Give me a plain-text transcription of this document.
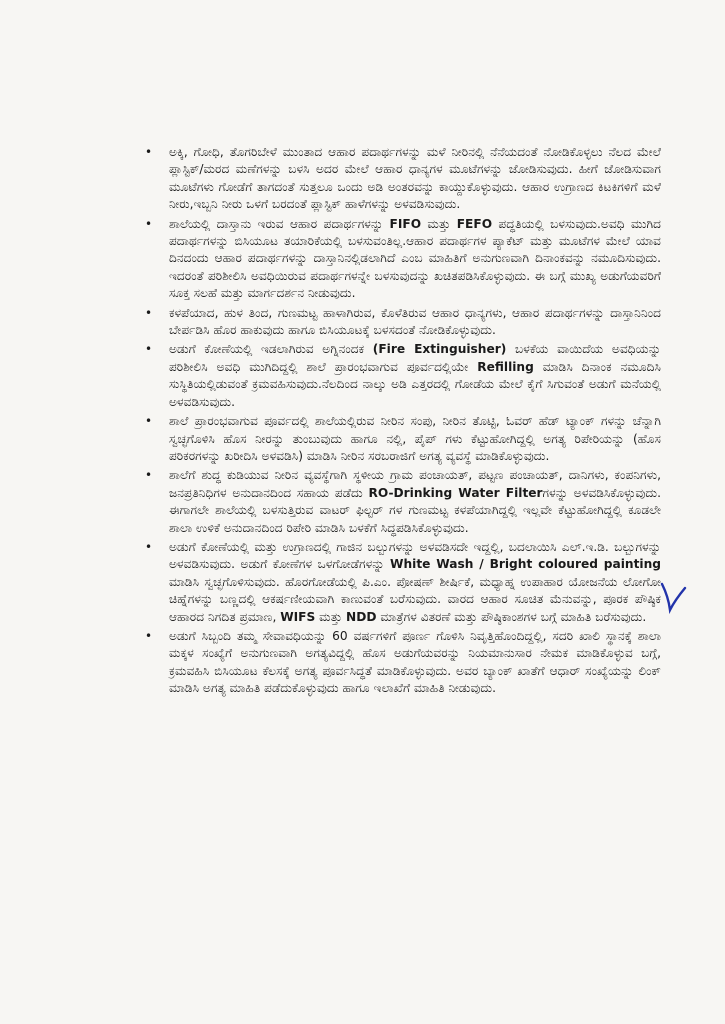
• ಅಕ್ಕಿ, ಗೋಧಿ, ತೊಗರಿಬೇಳೆ ಮುಂತಾದ ಆಹಾರ ಪದಾರ್ಥಗಳನ್ನು ಮಳೆ ನೀರಿನಲ್ಲಿ ನೆನೆಯದಂತೆ ನೋಡಿಕೊಳ್ಳಲು ನೆಲದ ಮೇಲೆ ಪ್ಲಾಸ್ಟಿಕ್/ಮರದ ಮಣೆಗಳನ್ನು ಬಳಸಿ ಅದರ ಮೇಲೆ ಆಹಾರ ಧಾನ್ಯಗಳ ಮೂಟೆಗಳನ್ನು ಜೋಡಿಸುವುದು. ಹೀಗೆ ಜೋಡಿಸುವಾಗ ಮೂಟೆಗಳು ಗೋಡೆಗೆ ತಾಗದಂತೆ ಸುತ್ತಲೂ ಒಂದು ಅಡಿ ಅಂತರವನ್ನು ಕಾಯ್ದುಕೊಳ್ಳುವುದು. ಆಹಾರ ಉಗ್ರಾಣದ ಕಿಟಕಿಗಳಿಗೆ ಮಳೆ ನೀರು,ಇಬ್ಬನಿ ನೀರು ಒಳಗೆ ಬರದಂತೆ ಪ್ಲಾಸ್ಟಿಕ್ ಹಾಳೆಗಳನ್ನು ಅಳವಡಿಸುವುದು.
• ಶಾಲೆಯಲ್ಲಿ ದಾಸ್ತಾನು ಇರುವ ಆಹಾರ ಪದಾರ್ಥಗಳನ್ನು FIFO ಮತ್ತು FEFO ಪದ್ಧತಿಯಲ್ಲಿ ಬಳಸುವುದು.ಅವಧಿ ಮುಗಿದ ಪದಾರ್ಥಗಳನ್ನು ಬಿಸಿಯೂಟ ತಯಾರಿಕೆಯಲ್ಲಿ ಬಳಸುವಂತಿಲ್ಲ.ಆಹಾರ ಪದಾರ್ಥಗಳ ಪ್ಯಾಕೆಟ್ ಮತ್ತು ಮೂಟೆಗಳ ಮೇಲೆ ಯಾವ ದಿನದಂದು ಆಹಾರ ಪದಾರ್ಥಗಳನ್ನು ದಾಸ್ತಾನಿನಲ್ಲಿಡಲಾಗಿದೆ ಎಂಬ ಮಾಹಿತಿಗೆ ಅನುಗುಣವಾಗಿ ದಿನಾಂಕವನ್ನು ನಮೂದಿಸುವುದು. ಇದರಂತೆ ಪರಿಶೀಲಿಸಿ ಅವಧಿಯಿರುವ ಪದಾರ್ಥಗಳನ್ನೇ ಬಳಸುವುದನ್ನು ಖಚಿತಪಡಿಸಿಕೊಳ್ಳುವುದು. ಈ ಬಗ್ಗೆ ಮುಖ್ಯ ಅಡುಗೆಯವರಿಗೆ ಸೂಕ್ತ ಸಲಹೆ ಮತ್ತು ಮಾರ್ಗದರ್ಶನ ನೀಡುವುದು.
• ಕಳಪೆಯಾದ, ಹುಳ ತಿಂದ, ಗುಣಮಟ್ಟ ಹಾಳಾಗಿರುವ, ಕೊಳೆತಿರುವ ಆಹಾರ ಧಾನ್ಯಗಳು, ಆಹಾರ ಪದಾರ್ಥಗಳನ್ನು ದಾಸ್ತಾನಿನಿಂದ ಬೇರ್ಪಡಿಸಿ ಹೊರ ಹಾಕುವುದು ಹಾಗೂ ಬಿಸಿಯೂಟಕ್ಕೆ ಬಳಸದಂತೆ ನೋಡಿಕೊಳ್ಳುವುದು.
• ಅಡುಗೆ ಕೋಣೆಯಲ್ಲಿ ಇಡಲಾಗಿರುವ ಅಗ್ನಿನಂದಕ (Fire Extinguisher) ಬಳಕೆಯ ವಾಯಿದೆಯ ಅವಧಿಯನ್ನು ಪರಿಶೀಲಿಸಿ ಅವಧಿ ಮುಗಿದಿದ್ದಲ್ಲಿ ಶಾಲೆ ಪ್ರಾರಂಭವಾಗುವ ಪೂರ್ವದಲ್ಲಿಯೇ Refilling ಮಾಡಿಸಿ ದಿನಾಂಕ ನಮೂದಿಸಿ ಸುಸ್ಥಿತಿಯಲ್ಲಿಡುವಂತೆ ಕ್ರಮವಹಿಸುವುದು.ನೆಲದಿಂದ ನಾಲ್ಕು ಅಡಿ ಎತ್ತರದಲ್ಲಿ ಗೋಡೆಯ ಮೇಲೆ ಕೈಗೆ ಸಿಗುವಂತೆ ಅಡುಗೆ ಮನೆಯಲ್ಲಿ ಅಳವಡಿಸುವುದು.
• ಶಾಲೆ ಪ್ರಾರಂಭವಾಗುವ ಪೂರ್ವದಲ್ಲಿ ಶಾಲೆಯಲ್ಲಿರುವ ನೀರಿನ ಸಂಪು, ನೀರಿನ ತೊಟ್ಟಿ, ಓವರ್ ಹೆಡ್ ಟ್ಯಾಂಕ್ ಗಳನ್ನು ಚೆನ್ನಾಗಿ ಸ್ವಚ್ಛಗೊಳಿಸಿ ಹೊಸ ನೀರನ್ನು ತುಂಬುವುದು ಹಾಗೂ ನಲ್ಲಿ, ಪೈಪ್ ಗಳು ಕೆಟ್ಟುಹೋಗಿದ್ದಲ್ಲಿ ಅಗತ್ಯ ರಿಪೇರಿಯನ್ನು (ಹೊಸ ಪರಿಕರಗಳನ್ನು ಖರೀದಿಸಿ ಅಳವಡಿಸಿ) ಮಾಡಿಸಿ ನೀರಿನ ಸರಬರಾಜಿಗೆ ಅಗತ್ಯ ವ್ಯವಸ್ಥೆ ಮಾಡಿಕೊಳ್ಳುವುದು.
• ಶಾಲೆಗೆ ಶುದ್ಧ ಕುಡಿಯುವ ನೀರಿನ ವ್ಯವಸ್ಥೆಗಾಗಿ ಸ್ಥಳೀಯ ಗ್ರಾಮ ಪಂಚಾಯತ್, ಪಟ್ಟಣ ಪಂಚಾಯತ್, ದಾನಿಗಳು, ಕಂಪನಿಗಳು, ಜನಪ್ರತಿನಿಧಿಗಳ ಅನುದಾನದಿಂದ ಸಹಾಯ ಪಡೆದು RO-Drinking Water Filterಗಳನ್ನು ಅಳವಡಿಸಿಕೊಳ್ಳುವುದು. ಈಗಾಗಲೇ ಶಾಲೆಯಲ್ಲಿ ಬಳಸುತ್ತಿರುವ ವಾಟರ್ ಫಿಲ್ಟರ್ ಗಳ ಗುಣಮಟ್ಟ ಕಳಪೆಯಾಗಿದ್ದಲ್ಲಿ ಇಲ್ಲವೇ ಕೆಟ್ಟುಹೋಗಿದ್ದಲ್ಲಿ ಕೂಡಲೇ ಶಾಲಾ ಉಳಿಕೆ ಅನುದಾನದಿಂದ ರಿಪೇರಿ ಮಾಡಿಸಿ ಬಳಕೆಗೆ ಸಿದ್ಧಪಡಿಸಿಕೊಳ್ಳುವುದು.
• ಅಡುಗೆ ಕೋಣೆಯಲ್ಲಿ ಮತ್ತು ಉಗ್ರಾಣದಲ್ಲಿ ಗಾಜಿನ ಬಲ್ಬುಗಳನ್ನು ಅಳವಡಿಸದೇ ಇದ್ದಲ್ಲಿ, ಬದಲಾಯಿಸಿ ಎಲ್.ಇ.ಡಿ. ಬಲ್ಬುಗಳನ್ನು ಅಳವಡಿಸುವುದು. ಅಡುಗೆ ಕೋಣೆಗಳ ಒಳಗೋಡೆಗಳನ್ನು White Wash / Bright coloured painting ಮಾಡಿಸಿ ಸ್ವಚ್ಛಗೊಳಿಸುವುದು. ಹೊರಗೋಡೆಯಲ್ಲಿ ಪಿ.ಎಂ. ಪೋಷಣ್ ಶೀರ್ಷಿಕೆ, ಮಧ್ಯಾಹ್ನ ಉಪಾಹಾರ ಯೋಜನೆಯ ಲೋಗೋ ಚಿಹ್ನೆಗಳನ್ನು ಬಣ್ಣದಲ್ಲಿ ಆಕರ್ಷಣೀಯವಾಗಿ ಕಾಣುವಂತೆ ಬರೆಸುವುದು. ವಾರದ ಆಹಾರ ಸೂಚಿತ ಮೆನುವನ್ನು, ಪೂರಕ ಪೌಷ್ಠಿಕ ಆಹಾರದ ನಿಗದಿತ ಪ್ರಮಾಣ, WIFS ಮತ್ತು NDD ಮಾತ್ರೆಗಳ ವಿತರಣೆ ಮತ್ತು ಪೌಷ್ಠಿಕಾಂಶಗಳ ಬಗ್ಗೆ ಮಾಹಿತಿ ಬರೆಸುವುದು.
• ಅಡುಗೆ ಸಿಬ್ಬಂದಿ ತಮ್ಮ ಸೇವಾವಧಿಯನ್ನು 60 ವರ್ಷಗಳಿಗೆ ಪೂರ್ಣ ಗೊಳಿಸಿ ನಿವೃತ್ತಿಹೊಂದಿದ್ದಲ್ಲಿ, ಸದರಿ ಖಾಲಿ ಸ್ಥಾನಕ್ಕೆ ಶಾಲಾ ಮಕ್ಕಳ ಸಂಖ್ಯೆಗೆ ಅನುಗುಣವಾಗಿ ಅಗತ್ಯವಿದ್ದಲ್ಲಿ ಹೊಸ ಅಡುಗೆಯವರನ್ನು ನಿಯಮಾನುಸಾರ ನೇಮಕ ಮಾಡಿಕೊಳ್ಳುವ ಬಗ್ಗೆ, ಕ್ರಮವಹಿಸಿ ಬಿಸಿಯೂಟ ಕೆಲಸಕ್ಕೆ ಅಗತ್ಯ ಪೂರ್ವಸಿದ್ಧತೆ ಮಾಡಿಕೊಳ್ಳುವುದು. ಅವರ ಬ್ಯಾಂಕ್ ಖಾತೆಗೆ ಆಧಾರ್ ಸಂಖ್ಯೆಯನ್ನು ಲಿಂಕ್ ಮಾಡಿಸಿ ಅಗತ್ಯ ಮಾಹಿತಿ ಪಡೆದುಕೊಳ್ಳುವುದು ಹಾಗೂ ಇಲಾಖೆಗೆ ಮಾಹಿತಿ ನೀಡುವುದು.
